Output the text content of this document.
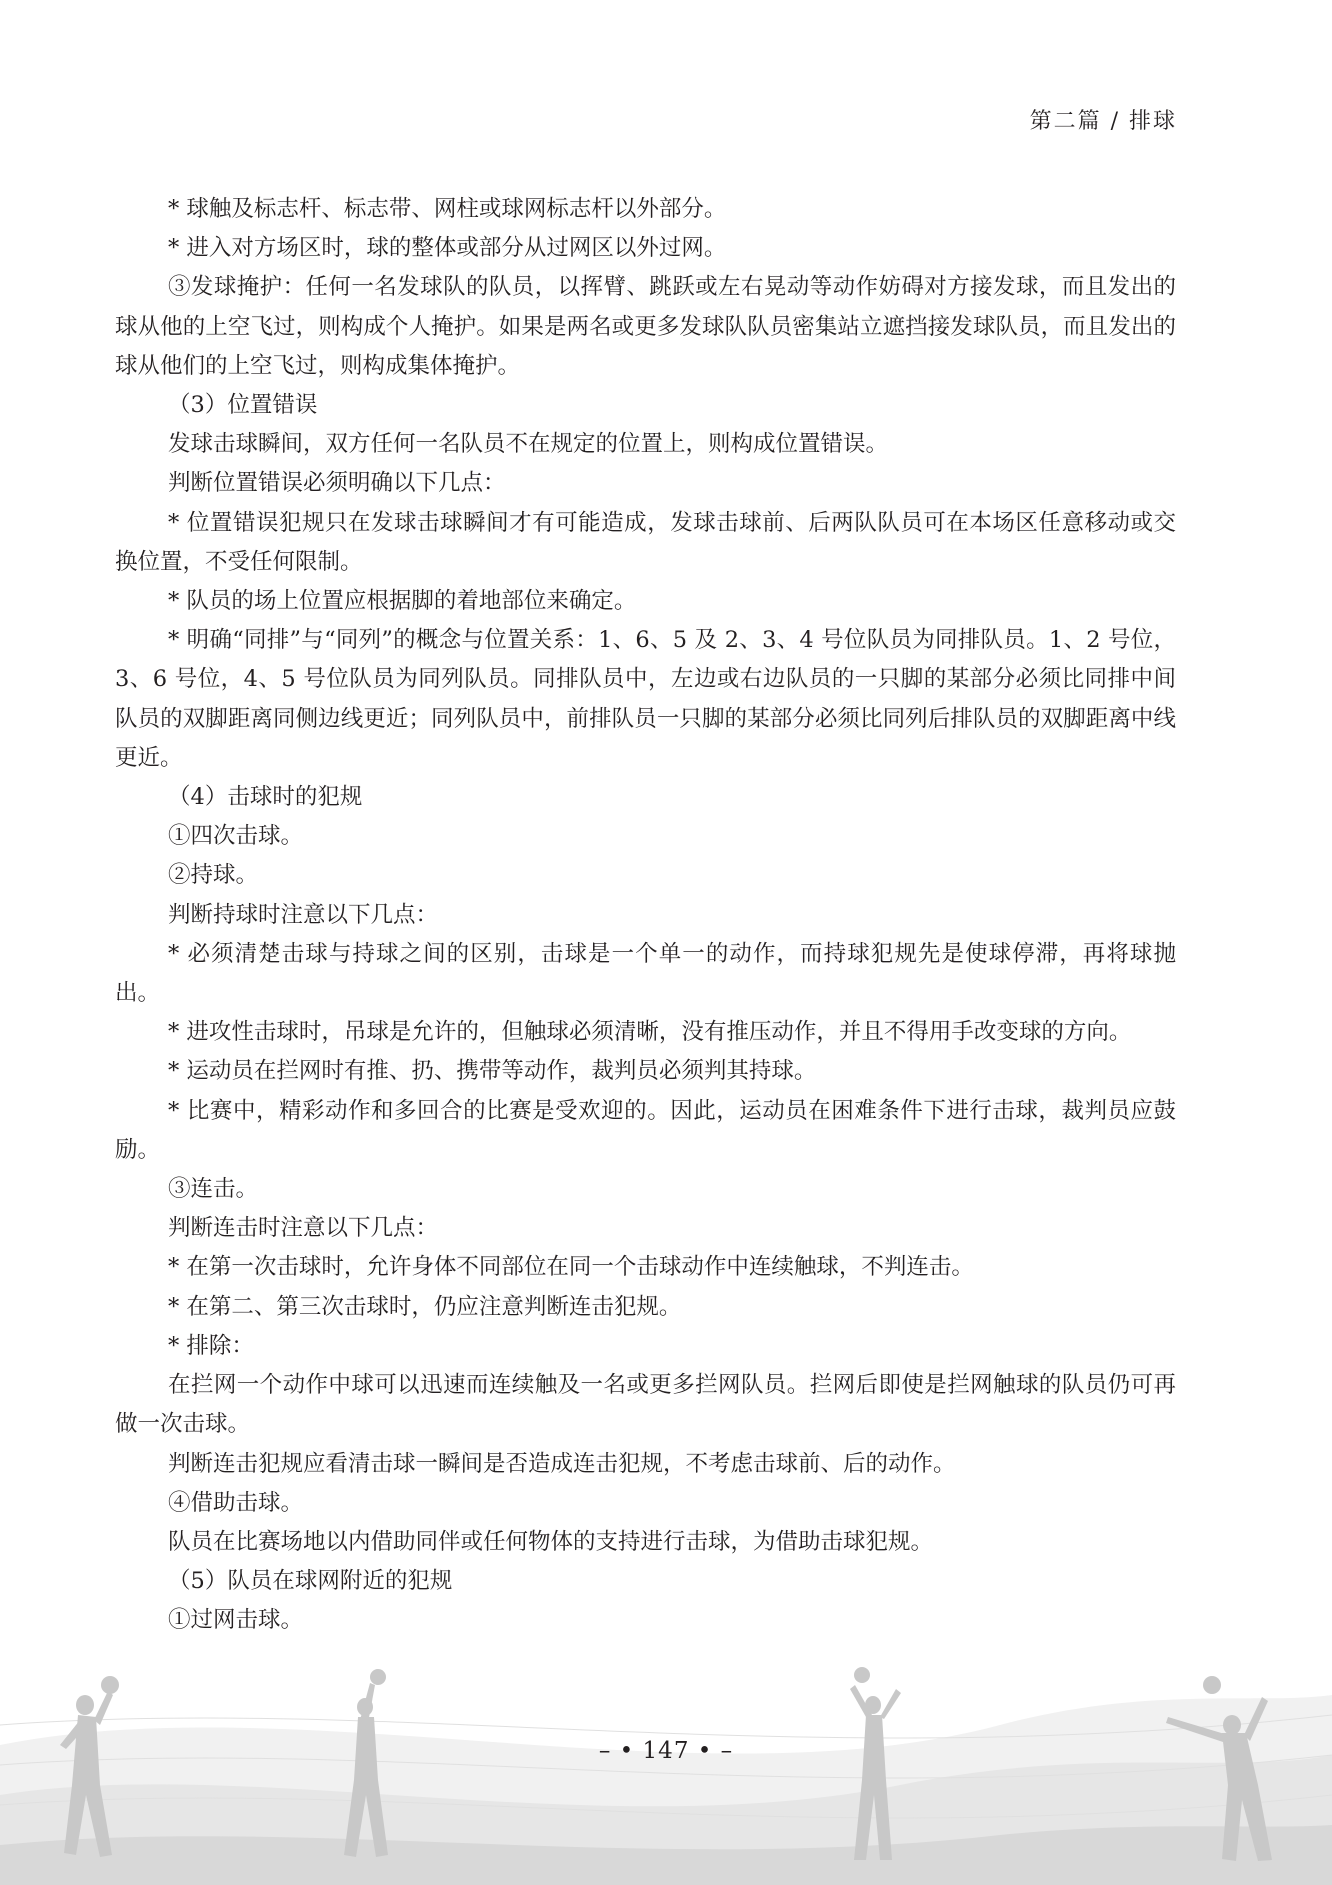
第二篇 / 排球

* 球触及标志杆、标志带、网柱或球网标志杆以外部分。

* 进入对方场区时，球的整体或部分从过网区以外过网。

③发球掩护：任何一名发球队的队员，以挥臂、跳跃或左右晃动等动作妨碍对方接发球，而且发出的球从他的上空飞过，则构成个人掩护。如果是两名或更多发球队队员密集站立遮挡接发球队员，而且发出的球从他们的上空飞过，则构成集体掩护。

（3）位置错误

发球击球瞬间，双方任何一名队员不在规定的位置上，则构成位置错误。

判断位置错误必须明确以下几点：

* 位置错误犯规只在发球击球瞬间才有可能造成，发球击球前、后两队队员可在本场区任意移动或交换位置，不受任何限制。

* 队员的场上位置应根据脚的着地部位来确定。

* 明确“同排”与“同列”的概念与位置关系：1、6、5 及 2、3、4 号位队员为同排队员。1、2 号位，3、6 号位，4、5 号位队员为同列队员。同排队员中，左边或右边队员的一只脚的某部分必须比同排中间队员的双脚距离同侧边线更近；同列队员中，前排队员一只脚的某部分必须比同列后排队员的双脚距离中线更近。

（4）击球时的犯规

①四次击球。

②持球。

判断持球时注意以下几点：

* 必须清楚击球与持球之间的区别，击球是一个单一的动作，而持球犯规先是使球停滞，再将球抛出。

* 进攻性击球时，吊球是允许的，但触球必须清晰，没有推压动作，并且不得用手改变球的方向。

* 运动员在拦网时有推、扔、携带等动作，裁判员必须判其持球。

* 比赛中，精彩动作和多回合的比赛是受欢迎的。因此，运动员在困难条件下进行击球，裁判员应鼓励。

③连击。

判断连击时注意以下几点：

* 在第一次击球时，允许身体不同部位在同一个击球动作中连续触球，不判连击。

* 在第二、第三次击球时，仍应注意判断连击犯规。

* 排除：

在拦网一个动作中球可以迅速而连续触及一名或更多拦网队员。拦网后即使是拦网触球的队员仍可再做一次击球。

判断连击犯规应看清击球一瞬间是否造成连击犯规，不考虑击球前、后的动作。

④借助击球。

队员在比赛场地以内借助同伴或任何物体的支持进行击球，为借助击球犯规。

（5）队员在球网附近的犯规

①过网击球。

– • 147 • –
